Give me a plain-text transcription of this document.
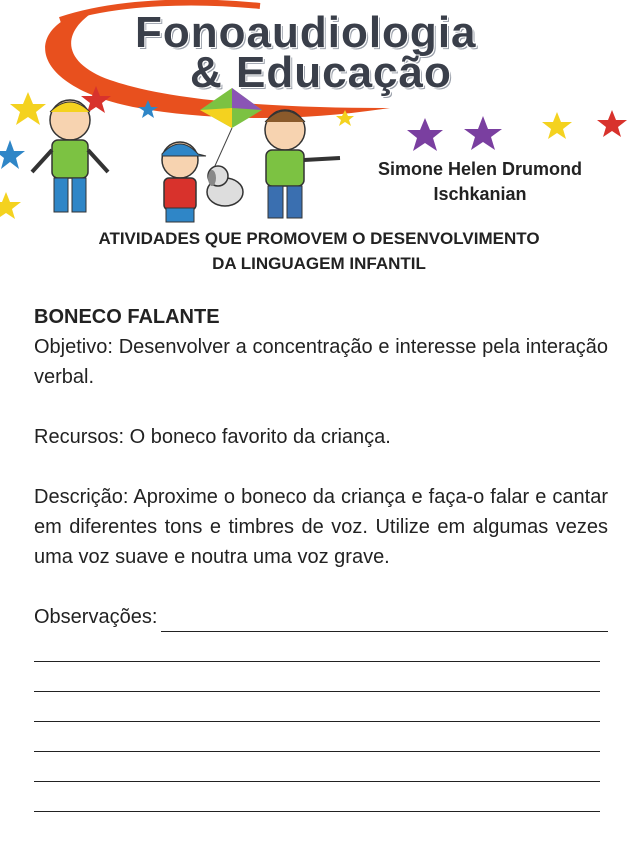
Fonoaudiologia
& Educação
Simone Helen Drumond
Ischkanian
ATIVIDADES QUE PROMOVEM O DESENVOLVIMENTO
DA LINGUAGEM INFANTIL

BONECO FALANTE

Objetivo: Desenvolver a concentração e interesse pela interação verbal.

Recursos: O boneco favorito da criança.

Descrição: Aproxime o boneco da criança e faça-o falar e cantar em diferentes tons e timbres de voz. Utilize em algumas vezes uma voz suave e noutra uma voz grave.

Observações:
